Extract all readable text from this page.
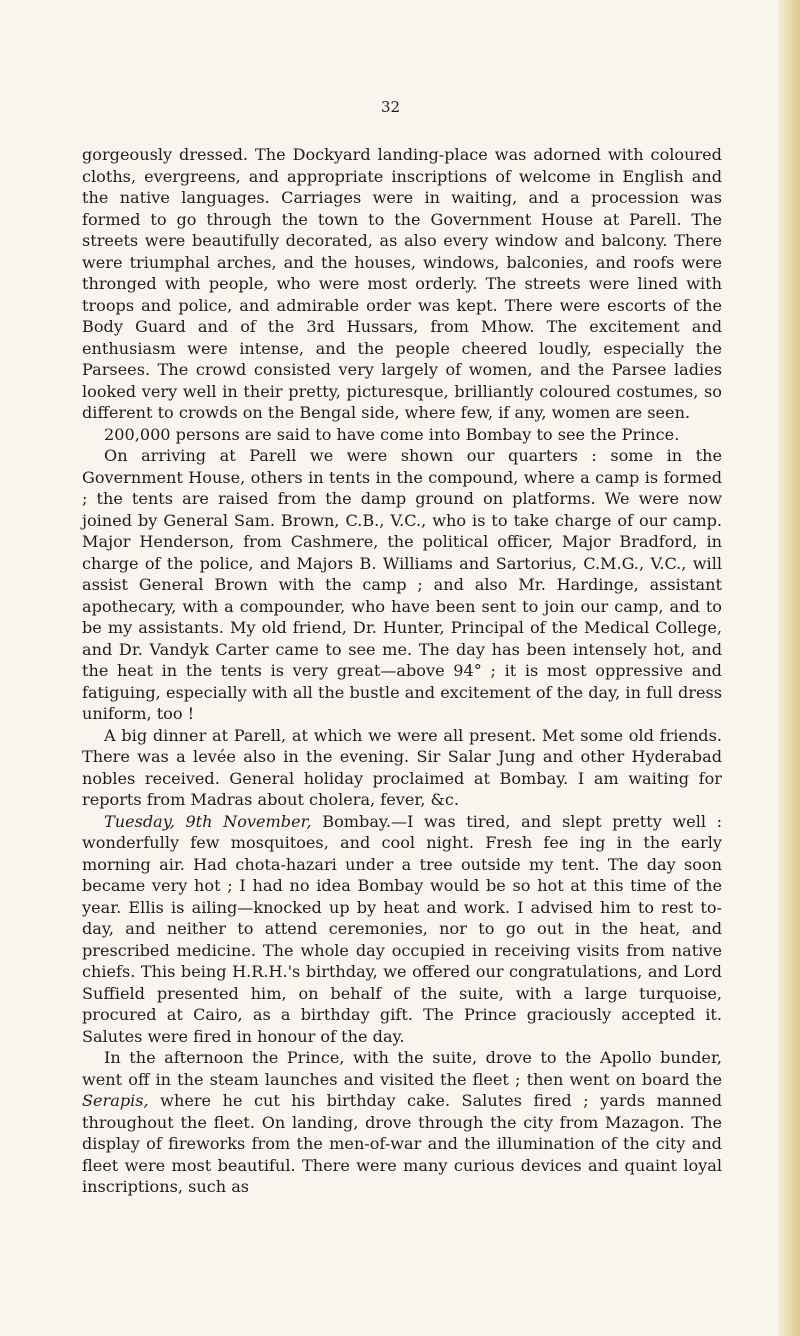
32

gorgeously dressed. The Dockyard landing-place was adorned with coloured cloths, evergreens, and appropriate inscriptions of welcome in English and the native languages. Carriages were in waiting, and a procession was formed to go through the town to the Government House at Parell. The streets were beautifully decorated, as also every window and balcony. There were triumphal arches, and the houses, windows, balconies, and roofs were thronged with people, who were most orderly. The streets were lined with troops and police, and admirable order was kept. There were escorts of the Body Guard and of the 3rd Hussars, from Mhow. The excitement and enthusiasm were intense, and the people cheered loudly, especially the Parsees. The crowd consisted very largely of women, and the Parsee ladies looked very well in their pretty, picturesque, brilliantly coloured costumes, so different to crowds on the Bengal side, where few, if any, women are seen.

200,000 persons are said to have come into Bombay to see the Prince.

On arriving at Parell we were shown our quarters : some in the Government House, others in tents in the compound, where a camp is formed ; the tents are raised from the damp ground on platforms. We were now joined by General Sam. Brown, C.B., V.C., who is to take charge of our camp. Major Henderson, from Cashmere, the political officer, Major Bradford, in charge of the police, and Majors B. Williams and Sartorius, C.M.G., V.C., will assist General Brown with the camp ; and also Mr. Hardinge, assistant apothecary, with a compounder, who have been sent to join our camp, and to be my assistants. My old friend, Dr. Hunter, Principal of the Medical College, and Dr. Vandyk Carter came to see me. The day has been intensely hot, and the heat in the tents is very great—above 94° ; it is most oppressive and fatiguing, especially with all the bustle and excitement of the day, in full dress uniform, too !

A big dinner at Parell, at which we were all present. Met some old friends. There was a levée also in the evening. Sir Salar Jung and other Hyderabad nobles received. General holiday proclaimed at Bombay. I am waiting for reports from Madras about cholera, fever, &c.

Tuesday, 9th November, Bombay.—I was tired, and slept pretty well : wonderfully few mosquitoes, and cool night. Fresh fee ing in the early morning air. Had chota-hazari under a tree outside my tent. The day soon became very hot ; I had no idea Bombay would be so hot at this time of the year. Ellis is ailing—knocked up by heat and work. I advised him to rest to-day, and neither to attend ceremonies, nor to go out in the heat, and prescribed medicine. The whole day occupied in receiving visits from native chiefs. This being H.R.H.'s birthday, we offered our congratulations, and Lord Suffield presented him, on behalf of the suite, with a large turquoise, procured at Cairo, as a birthday gift. The Prince graciously accepted it. Salutes were fired in honour of the day.

In the afternoon the Prince, with the suite, drove to the Apollo bunder, went off in the steam launches and visited the fleet ; then went on board the Serapis, where he cut his birthday cake. Salutes fired ; yards manned throughout the fleet. On landing, drove through the city from Mazagon. The display of fireworks from the men-of-war and the illumination of the city and fleet were most beautiful. There were many curious devices and quaint loyal inscriptions, such as
